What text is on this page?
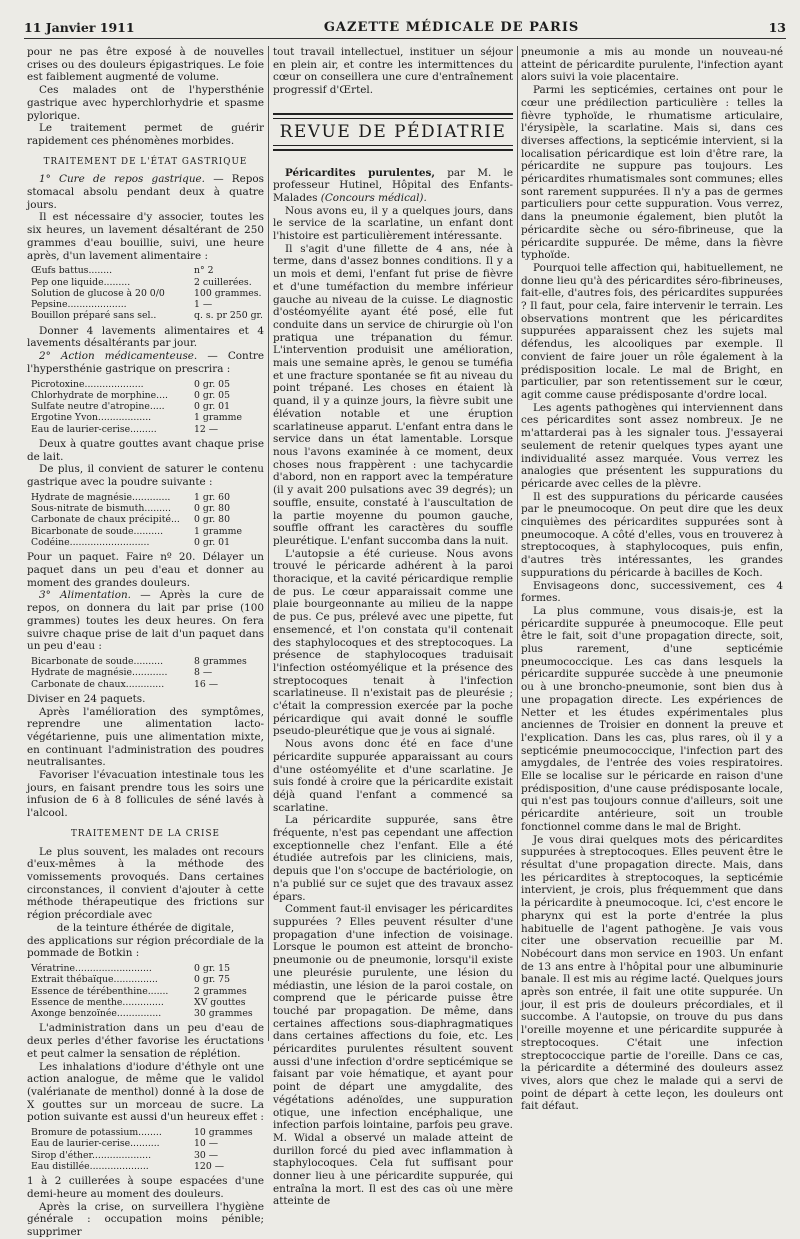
11 Janvier 1911	GAZETTE MÉDICALE DE PARIS	13

pour ne pas être exposé à de nouvelles crises ou des douleurs épigastriques. Le foie est faiblement augmenté de volume.

Ces malades ont de l'hypersthénie gastrique avec hyperchlorhydrie et spasme pylorique.

Le traitement permet de guérir rapidement ces phénomènes morbides.

TRAITEMENT DE L'ÉTAT GASTRIQUE

1° Cure de repos gastrique. — Repos stomacal absolu pendant deux à quatre jours.

Il est nécessaire d'y associer, toutes les six heures, un lavement désaltérant de 250 grammes d'eau bouillie, suivi, une heure après, d'un lavement alimentaire :

Œufs battus........	n° 2
Pep one liquide.........	2 cuillerées.
Solution de glucose à 20 0/0	100 grammes.
Pepsine....................	1 —
Bouillon préparé sans sel..	q. s. pr 250 gr.

Donner 4 lavements alimentaires et 4 lavements désaltérants par jour.

2° Action médicamenteuse. — Contre l'hypersthénie gastrique on prescrira :

Picrotoxine....................	0 gr. 05
Chlorhydrate de morphine....	0 gr. 05
Sulfate neutre d'atropine.....	0 gr. 01
Ergotine Yvon..................	1 gramme
Eau de laurier-cerise.........	12 —

Deux à quatre gouttes avant chaque prise de lait.

De plus, il convient de saturer le contenu gastrique avec la poudre suivante :

Hydrate de magnésie.............	1 gr. 60
Sous-nitrate de bismuth......... 0 gr. 80
Carbonate de chaux précipité... 0 gr. 80
Bicarbonate de soude..........	1 gramme
Codéine...........................	0 gr. 01

Pour un paquet. Faire nº 20. Délayer un paquet dans un peu d'eau et donner au moment des grandes douleurs.

3° Alimentation. — Après la cure de repos, on donnera du lait par prise (100 grammes) toutes les deux heures. On fera suivre chaque prise de lait d'un paquet dans un peu d'eau :

Bicarbonate de soude..........	8 grammes
Hydrate de magnésie............	8 —
Carbonate de chaux.............	16 —

Diviser en 24 paquets.

Après l'amélioration des symptômes, reprendre une alimentation lacto-végétarienne, puis une alimentation mixte, en continuant l'administration des poudres neutralisantes.

Favoriser l'évacuation intestinale tous les jours, en faisant prendre tous les soirs une infusion de 6 à 8 follicules de séné lavés à l'alcool.

TRAITEMENT DE LA CRISE

Le plus souvent, les malades ont recours d'eux-mêmes à la méthode des vomissements provoqués. Dans certaines circonstances, il convient d'ajouter à cette méthode thérapeutique des frictions sur région précordiale avec

de la teinture éthérée de digitale,

des applications sur région précordiale de la pommade de Botkin :

Vératrine..........................	0 gr. 15
Extrait thébaïque...............	0 gr. 75
Essence de térébenthine.......	2 grammes
Essence de menthe..............	XV gouttes
Axonge benzoïnée...............	30 grammes

L'administration dans un peu d'eau de deux perles d'éther favorise les éructations et peut calmer la sensation de réplétion.

Les inhalations d'iodure d'éthyle ont une action analogue, de même que le validol (valérianate de menthol) donné à la dose de X gouttes sur un morceau de sucre. La potion suivante est aussi d'un heureux effet :

Bromure de potassium........	10 grammes
Eau de laurier-cerise..........	10 —
Sirop d'éther....................	30 —
Eau distillée....................	120 —

1 à 2 cuillerées à soupe espacées d'une demi-heure au moment des douleurs.

Après la crise, on surveillera l'hygiène générale : occupation moins pénible; supprimer

tout travail intellectuel, instituer un séjour en plein air, et contre les intermittences du cœur on conseillera une cure d'entraînement progressif d'Œrtel.

REVUE DE PÉDIATRIE

Péricardites purulentes, par M. le professeur Hutinel, Hôpital des Enfants-Malades (Concours médical).

Nous avons eu, il y a quelques jours, dans le service de la scarlatine, un enfant dont l'histoire est particulièrement intéressante.

Il s'agit d'une fillette de 4 ans, née à terme, dans d'assez bonnes conditions. Il y a un mois et demi, l'enfant fut prise de fièvre et d'une tuméfaction du membre inférieur gauche au niveau de la cuisse. Le diagnostic d'ostéomyélite ayant été posé, elle fut conduite dans un service de chirurgie où l'on pratiqua une trépanation du fémur. L'intervention produisit une amélioration, mais une semaine après, le genou se tuméfia et une fracture spontanée se fit au niveau du point trépané. Les choses en étaient là quand, il y a quinze jours, la fièvre subit une élévation notable et une éruption scarlatineuse apparut. L'enfant entra dans le service dans un état lamentable. Lorsque nous l'avons examinée à ce moment, deux choses nous frappèrent : une tachycardie d'abord, non en rapport avec la température (il y avait 200 pulsations avec 39 degrés); un souffle, ensuite, constaté à l'auscultation de la partie moyenne du poumon gauche, souffle offrant les caractères du souffle pleurétique. L'enfant succomba dans la nuit.

L'autopsie a été curieuse. Nous avons trouvé le péricarde adhérent à la paroi thoracique, et la cavité péricardique remplie de pus. Le cœur apparaissait comme une plaie bourgeonnante au milieu de la nappe de pus. Ce pus, prélevé avec une pipette, fut ensemencé, et l'on constata qu'il contenait des staphylocoques et des streptocoques. La présence de staphylocoques traduisait l'infection ostéomyélique et la présence des streptocoques tenait à l'infection scarlatineuse. Il n'existait pas de pleurésie ; c'était la compression exercée par la poche péricardique qui avait donné le souffle pseudo-pleurétique que je vous ai signalé.

Nous avons donc été en face d'une péricardite suppurée apparaissant au cours d'une ostéomyélite et d'une scarlatine. Je suis fondé à croire que la péricardite existait déjà quand l'enfant a commencé sa scarlatine.

La péricardite suppurée, sans être fréquente, n'est pas cependant une affection exceptionnelle chez l'enfant. Elle a été étudiée autrefois par les cliniciens, mais, depuis que l'on s'occupe de bactériologie, on n'a publié sur ce sujet que des travaux assez épars.

Comment faut-il envisager les péricardites suppurées ? Elles peuvent résulter d'une propagation d'une infection de voisinage. Lorsque le poumon est atteint de broncho-pneumonie ou de pneumonie, lorsqu'il existe une pleurésie purulente, une lésion du médiastin, une lésion de la paroi costale, on comprend que le péricarde puisse être touché par propagation. De même, dans certaines affections sous-diaphragmatiques dans certaines affections du foie, etc. Les péricardites purulentes résultent souvent aussi d'une infection d'ordre septicémique se faisant par voie hématique, et ayant pour point de départ une amygdalite, des végétations adénoïdes, une suppuration otique, une infection encéphalique, une infection parfois lointaine, parfois peu grave. M. Widal a observé un malade atteint de durillon forcé du pied avec inflammation à staphylocoques. Cela fut suffisant pour donner lieu à une péricardite suppurée, qui entraîna la mort. Il est des cas où une mère atteinte de

pneumonie a mis au monde un nouveau-né atteint de péricardite purulente, l'infection ayant alors suivi la voie placentaire.

Parmi les septicémies, certaines ont pour le cœur une prédilection particulière : telles la fièvre typhoïde, le rhumatisme articulaire, l'érysipèle, la scarlatine. Mais si, dans ces diverses affections, la septicémie intervient, si la localisation péricardique est loin d'être rare, la péricardite ne suppure pas toujours. Les péricardites rhumatismales sont communes; elles sont rarement suppurées. Il n'y a pas de germes particuliers pour cette suppuration. Vous verrez, dans la pneumonie également, bien plutôt la péricardite sèche ou séro-fibrineuse, que la péricardite suppurée. De même, dans la fièvre typhoïde.

Pourquoi telle affection qui, habituellement, ne donne lieu qu'à des péricardites séro-fibrineuses, fait-elle, d'autres fois, des péricardites suppurées ? Il faut, pour cela, faire intervenir le terrain. Les observations montrent que les péricardites suppurées apparaissent chez les sujets mal défendus, les alcooliques par exemple. Il convient de faire jouer un rôle également à la prédisposition locale. Le mal de Bright, en particulier, par son retentissement sur le cœur, agit comme cause prédisposante d'ordre local.

Les agents pathogènes qui interviennent dans ces péricardites sont assez nombreux. Je ne m'attarderai pas à les signaler tous. J'essayerai seulement de retenir quelques types ayant une individualité assez marquée. Vous verrez les analogies que présentent les suppurations du péricarde avec celles de la plèvre.

Il est des suppurations du péricarde causées par le pneumocoque. On peut dire que les deux cinquièmes des péricardites suppurées sont à pneumocoque. A côté d'elles, vous en trouverez à streptocoques, à staphylocoques, puis enfin, d'autres très intéressantes, les grandes suppurations du péricarde à bacilles de Koch.

Envisageons donc, successivement, ces 4 formes.

La plus commune, vous disais-je, est la péricardite suppurée à pneumocoque. Elle peut être le fait, soit d'une propagation directe, soit, plus rarement, d'une septicémie pneumococcique. Les cas dans lesquels la péricardite suppurée succède à une pneumonie ou à une broncho-pneumonie, sont bien dus à une propagation directe. Les expériences de Netter et les études expérimentales plus anciennes de Troisier en donnent la preuve et l'explication. Dans les cas, plus rares, où il y a septicémie pneumococcique, l'infection part des amygdales, de l'entrée des voies respiratoires. Elle se localise sur le péricarde en raison d'une prédisposition, d'une cause prédisposante locale, qui n'est pas toujours connue d'ailleurs, soit une péricardite antérieure, soit un trouble fonctionnel comme dans le mal de Bright.

Je vous dirai quelques mots des péricardites suppurées à streptocoques. Elles peuvent être le résultat d'une propagation directe. Mais, dans les péricardites à streptocoques, la septicémie intervient, je crois, plus fréquemment que dans la péricardite à pneumocoque. Ici, c'est encore le pharynx qui est la porte d'entrée la plus habituelle de l'agent pathogène. Je vais vous citer une observation recueillie par M. Nobécourt dans mon service en 1903. Un enfant de 13 ans entre à l'hôpital pour une albuminurie banale. Il est mis au régime lacté. Quelques jours après son entrée, il fait une otite suppurée. Un jour, il est pris de douleurs précordiales, et il succombe. A l'autopsie, on trouve du pus dans l'oreille moyenne et une péricardite suppurée à streptocoques. C'était une infection streptococcique partie de l'oreille. Dans ce cas, la péricardite a déterminé des douleurs assez vives, alors que chez le malade qui a servi de point de départ à cette leçon, les douleurs ont fait défaut.
